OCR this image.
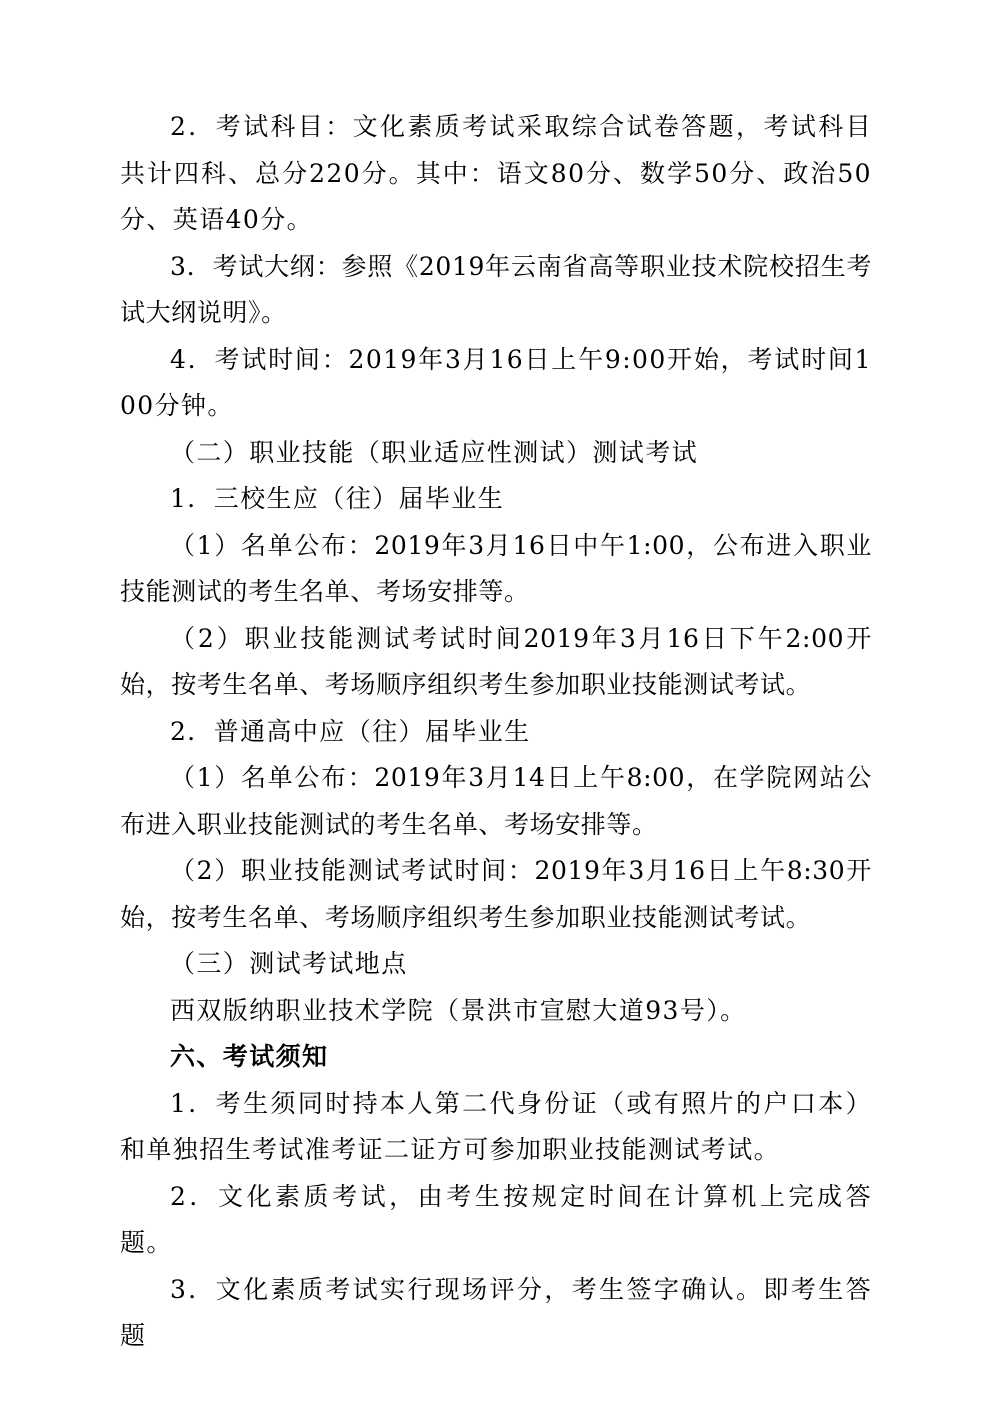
2．考试科目：文化素质考试采取综合试卷答题，考试科目共计四科、总分220分。其中：语文80分、数学50分、政治50分、英语40分。

3．考试大纲：参照《2019年云南省高等职业技术院校招生考试大纲说明》。

4．考试时间：2019年3月16日上午9:00开始，考试时间100分钟。

（二）职业技能（职业适应性测试）测试考试

1．三校生应（往）届毕业生

（1）名单公布：2019年3月16日中午1:00，公布进入职业技能测试的考生名单、考场安排等。

（2）职业技能测试考试时间2019年3月16日下午2:00开始，按考生名单、考场顺序组织考生参加职业技能测试考试。

2．普通高中应（往）届毕业生

（1）名单公布：2019年3月14日上午8:00，在学院网站公布进入职业技能测试的考生名单、考场安排等。

（2）职业技能测试考试时间：2019年3月16日上午8:30开始，按考生名单、考场顺序组织考生参加职业技能测试考试。

（三）测试考试地点

西双版纳职业技术学院（景洪市宣慰大道93号）。

六、考试须知

1．考生须同时持本人第二代身份证（或有照片的户口本）和单独招生考试准考证二证方可参加职业技能测试考试。

2．文化素质考试，由考生按规定时间在计算机上完成答题。

3．文化素质考试实行现场评分，考生签字确认。即考生答题
